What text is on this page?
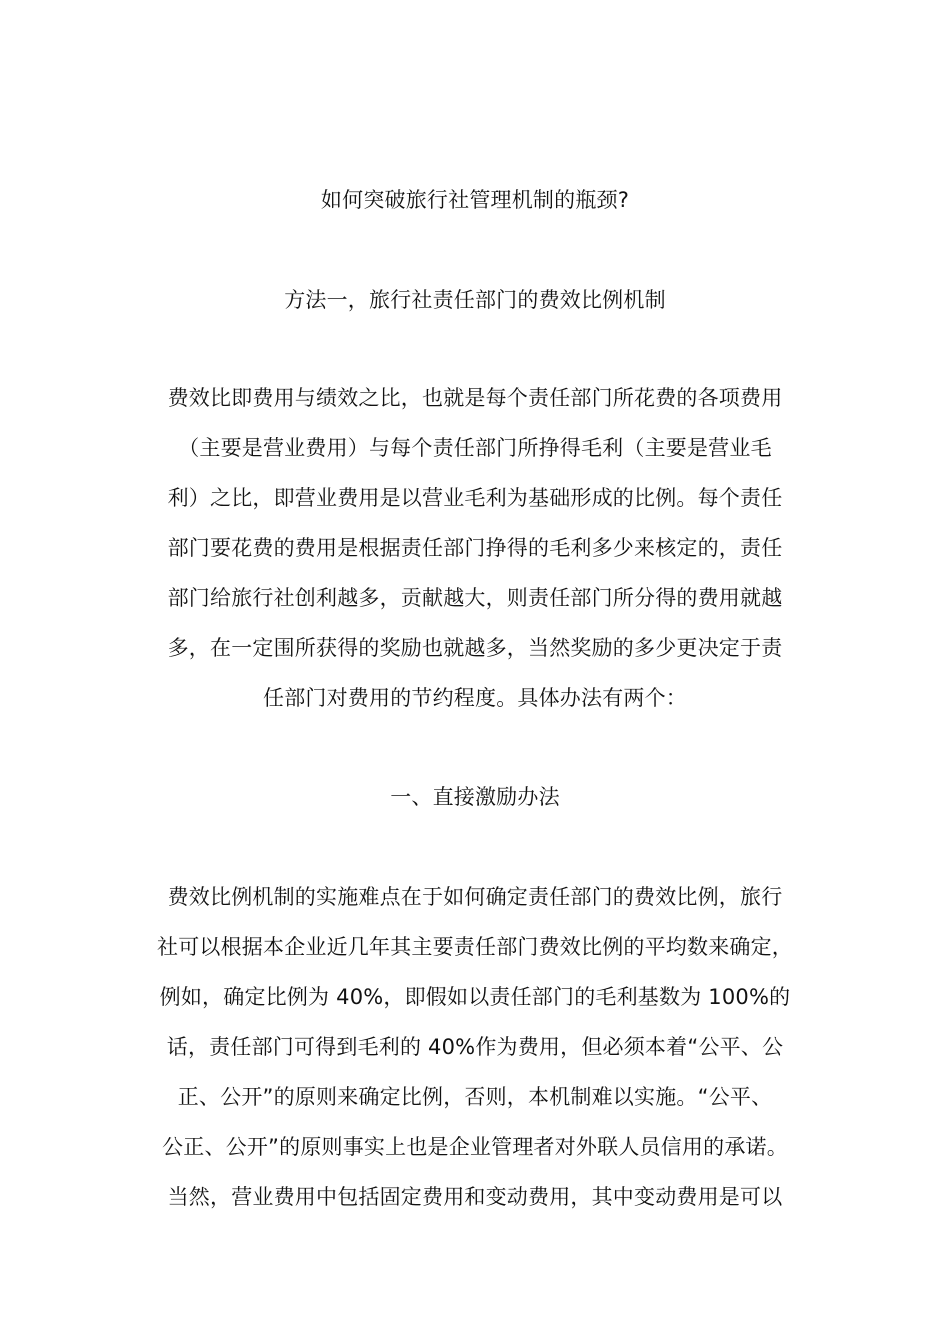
如何突破旅行社管理机制的瓶颈?
方法一，旅行社责任部门的费效比例机制
费效比即费用与绩效之比，也就是每个责任部门所花费的各项费用
（主要是营业费用）与每个责任部门所挣得毛利（主要是营业毛
利）之比，即营业费用是以营业毛利为基础形成的比例。每个责任
部门要花费的费用是根据责任部门挣得的毛利多少来核定的，责任
部门给旅行社创利越多，贡献越大，则责任部门所分得的费用就越
多，在一定围所获得的奖励也就越多，当然奖励的多少更决定于责
任部门对费用的节约程度。具体办法有两个：
一、直接激励办法
费效比例机制的实施难点在于如何确定责任部门的费效比例，旅行
社可以根据本企业近几年其主要责任部门费效比例的平均数来确定，
例如，确定比例为 40%，即假如以责任部门的毛利基数为 100%的
话，责任部门可得到毛利的 40%作为费用，但必须本着“公平、公
正、公开”的原则来确定比例，否则，本机制难以实施。“公平、
公正、公开”的原则事实上也是企业管理者对外联人员信用的承诺。
当然，营业费用中包括固定费用和变动费用，其中变动费用是可以
